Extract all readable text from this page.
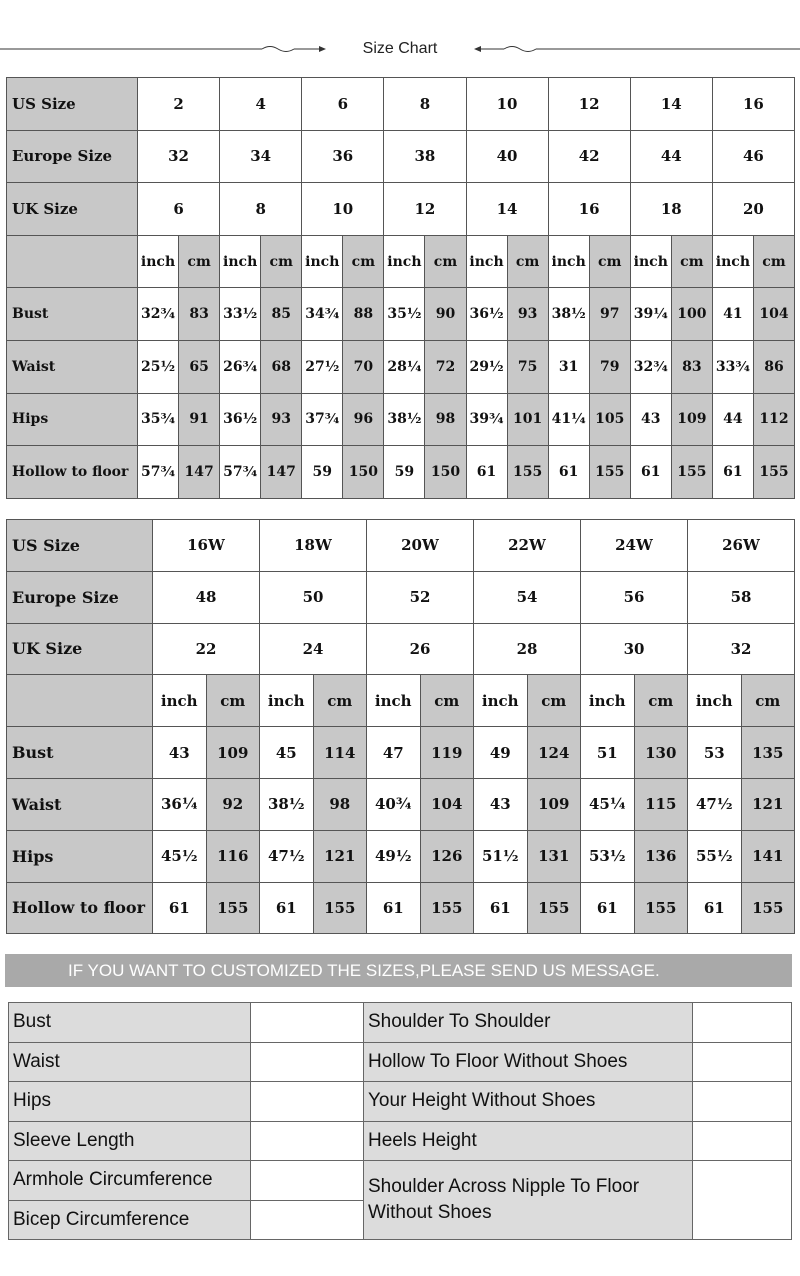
Size Chart
US Size	2		4		6		8		10		12		14		16	
Europe Size	32		34		36		38		40		42		44		46	
UK Size	6		8		10		12		14		16		18		20	
	inch	cm	inch	cm	inch	cm	inch	cm	inch	cm	inch	cm	inch	cm	inch	cm
Bust	32¾	83	33½	85	34¾	88	35½	90	36½	93	38½	97	39¼	100	41	104
Waist	25½	65	26¾	68	27½	70	28¼	72	29½	75	31	79	32¾	83	33¾	86
Hips	35¾	91	36½	93	37¾	96	38½	98	39¾	101	41¼	105	43	109	44	112
Hollow to floor	57¾	147	57¾	147	59	150	59	150	61	155	61	155	61	155	61	155
US Size	16W		18W		20W		22W		24W		26W	
Europe Size	48		50		52		54		56		58	
UK Size	22		24		26		28		30		32	
	inch	cm	inch	cm	inch	cm	inch	cm	inch	cm	inch	cm
Bust	43	109	45	114	47	119	49	124	51	130	53	135
Waist	36¼	92	38½	98	40¾	104	43	109	45¼	115	47½	121
Hips	45½	116	47½	121	49½	126	51½	131	53½	136	55½	141
Hollow to floor	61	155	61	155	61	155	61	155	61	155	61	155
IF YOU WANT TO CUSTOMIZED THE SIZES,PLEASE SEND US MESSAGE.
Bust		Shoulder To Shoulder	
Waist		Hollow To Floor Without Shoes	
Hips		Your Height Without Shoes	
Sleeve Length		Heels Height	
Armhole Circumference		Shoulder Across Nipple To Floor Without Shoes	
Bicep Circumference			
